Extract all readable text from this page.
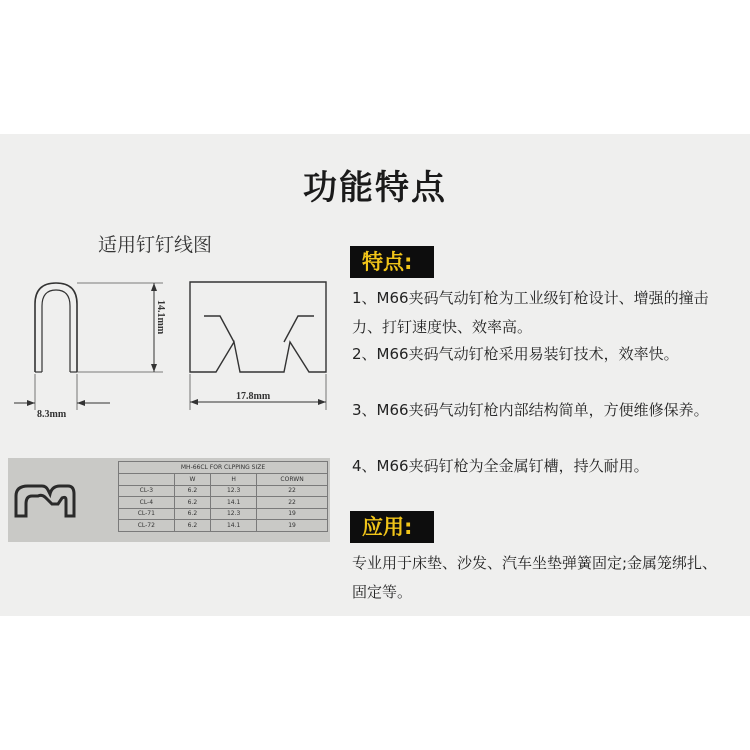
功能特点
适用钉钉线图
14.1mm
8.3mm
17.8mm
MH-66CL FOR CLPPING SIZE			
	W	H	CORWN
CL-3	6.2	12.3	22
CL-4	6.2	14.1	22
CL-71	6.2	12.3	19
CL-72	6.2	14.1	19
特点:
1、M66夹码气动钉枪为工业级钉枪设计、增强的撞击力、打钉速度快、效率高。
2、M66夹码气动钉枪采用易装钉技术，效率快。
3、M66夹码气动钉枪内部结构简单，方便维修保养。
4、M66夹码钉枪为全金属钉槽，持久耐用。
应用:
专业用于床垫、沙发、汽车坐垫弹簧固定;金属笼绑扎、固定等。
